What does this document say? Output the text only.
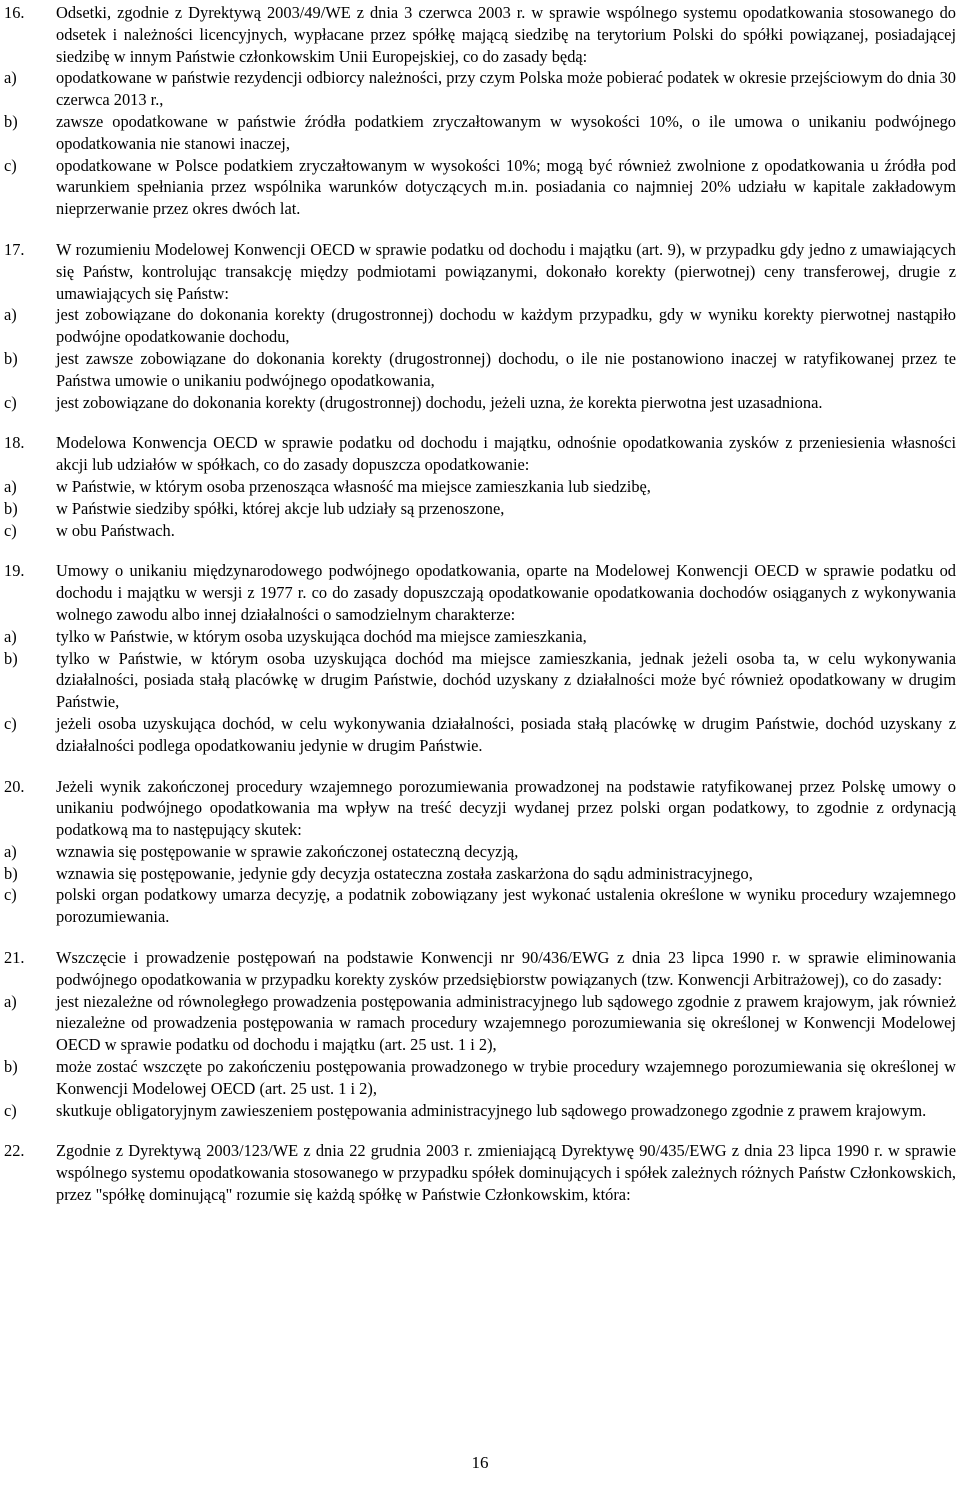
16.	Odsetki, zgodnie z Dyrektywą 2003/49/WE z dnia 3 czerwca 2003 r. w sprawie wspólnego systemu opodatkowania stosowanego do odsetek i należności licencyjnych, wypłacane przez spółkę mającą siedzibę na terytorium Polski do spółki powiązanej, posiadającej siedzibę w innym Państwie członkowskim Unii Europejskiej, co do zasady będą:
a)	opodatkowane w państwie rezydencji odbiorcy należności, przy czym Polska może pobierać podatek w okresie przejściowym do dnia 30 czerwca 2013 r.,
b)	zawsze opodatkowane w państwie źródła podatkiem zryczałtowanym w wysokości 10%, o ile umowa o unikaniu podwójnego opodatkowania nie stanowi inaczej,
c)	opodatkowane w Polsce podatkiem zryczałtowanym w wysokości 10%; mogą być również zwolnione z opodatkowania u źródła pod warunkiem spełniania przez wspólnika warunków dotyczących m.in. posiadania co najmniej 20% udziału w kapitale zakładowym nieprzerwanie przez okres dwóch lat.
17.	W rozumieniu Modelowej Konwencji OECD w sprawie podatku od dochodu i majątku (art. 9), w przypadku gdy jedno z umawiających się Państw, kontrolując transakcję między podmiotami powiązanymi, dokonało korekty (pierwotnej) ceny transferowej, drugie z umawiających się Państw:
a)	jest zobowiązane do dokonania korekty (drugostronnej) dochodu w każdym przypadku, gdy w wyniku korekty pierwotnej nastąpiło podwójne opodatkowanie dochodu,
b)	jest zawsze zobowiązane do dokonania korekty (drugostronnej) dochodu, o ile nie postanowiono inaczej w ratyfikowanej przez te Państwa umowie o unikaniu podwójnego opodatkowania,
c)	jest zobowiązane do dokonania korekty (drugostronnej) dochodu, jeżeli uzna, że korekta pierwotna jest uzasadniona.
18.	Modelowa Konwencja OECD w sprawie podatku od dochodu i majątku, odnośnie opodatkowania zysków z przeniesienia własności akcji lub udziałów w spółkach, co do zasady dopuszcza opodatkowanie:
a)	w Państwie, w którym osoba przenosząca własność ma miejsce zamieszkania lub siedzibę,
b)	w Państwie siedziby spółki, której akcje lub udziały są przenoszone,
c)	w obu Państwach.
19.	Umowy o unikaniu międzynarodowego podwójnego opodatkowania, oparte na Modelowej Konwencji OECD w sprawie podatku od dochodu i majątku w wersji z 1977 r. co do zasady dopuszczają opodatkowanie opodatkowania dochodów osiąganych z wykonywania wolnego zawodu albo innej działalności o samodzielnym charakterze:
a)	tylko w Państwie, w którym osoba uzyskująca dochód ma miejsce zamieszkania,
b)	tylko w Państwie, w którym osoba uzyskująca dochód ma miejsce zamieszkania, jednak jeżeli osoba ta, w celu wykonywania działalności, posiada stałą placówkę w drugim Państwie, dochód uzyskany z działalności może być również opodatkowany w drugim Państwie,
c)	jeżeli osoba uzyskująca dochód, w celu wykonywania działalności, posiada stałą placówkę w drugim Państwie, dochód uzyskany z działalności podlega opodatkowaniu jedynie w drugim Państwie.
20.	Jeżeli wynik zakończonej procedury wzajemnego porozumiewania prowadzonej na podstawie ratyfikowanej przez Polskę umowy o unikaniu podwójnego opodatkowania ma wpływ na treść decyzji wydanej przez polski organ podatkowy, to zgodnie z ordynacją podatkową ma to następujący skutek:
a)	wznawia się postępowanie w sprawie zakończonej ostateczną decyzją,
b)	wznawia się postępowanie, jedynie gdy decyzja ostateczna została zaskarżona do sądu administracyjnego,
c)	polski organ podatkowy umarza decyzję, a podatnik zobowiązany jest wykonać ustalenia określone w wyniku procedury wzajemnego porozumiewania.
21.	Wszczęcie i prowadzenie postępowań na podstawie Konwencji nr 90/436/EWG z dnia 23 lipca 1990 r. w sprawie eliminowania podwójnego opodatkowania w przypadku korekty zysków przedsiębiorstw powiązanych (tzw. Konwencji Arbitrażowej), co do zasady:
a)	jest niezależne od równoległego prowadzenia postępowania administracyjnego lub sądowego zgodnie z prawem krajowym, jak również niezależne od prowadzenia postępowania w ramach procedury wzajemnego porozumiewania się określonej w Konwencji Modelowej OECD w sprawie podatku od dochodu i majątku (art. 25 ust. 1 i 2),
b)	może zostać wszczęte po zakończeniu postępowania prowadzonego w trybie procedury wzajemnego porozumiewania się określonej w Konwencji Modelowej OECD (art. 25 ust. 1 i 2),
c)	skutkuje obligatoryjnym zawieszeniem postępowania administracyjnego lub sądowego prowadzonego zgodnie z prawem krajowym.
22.	Zgodnie z Dyrektywą 2003/123/WE z dnia 22 grudnia 2003 r. zmieniającą Dyrektywę 90/435/EWG z dnia 23 lipca 1990 r. w sprawie wspólnego systemu opodatkowania stosowanego w przypadku spółek dominujących i spółek zależnych różnych Państw Członkowskich, przez "spółkę dominującą" rozumie się każdą spółkę w Państwie Członkowskim, która:
16
